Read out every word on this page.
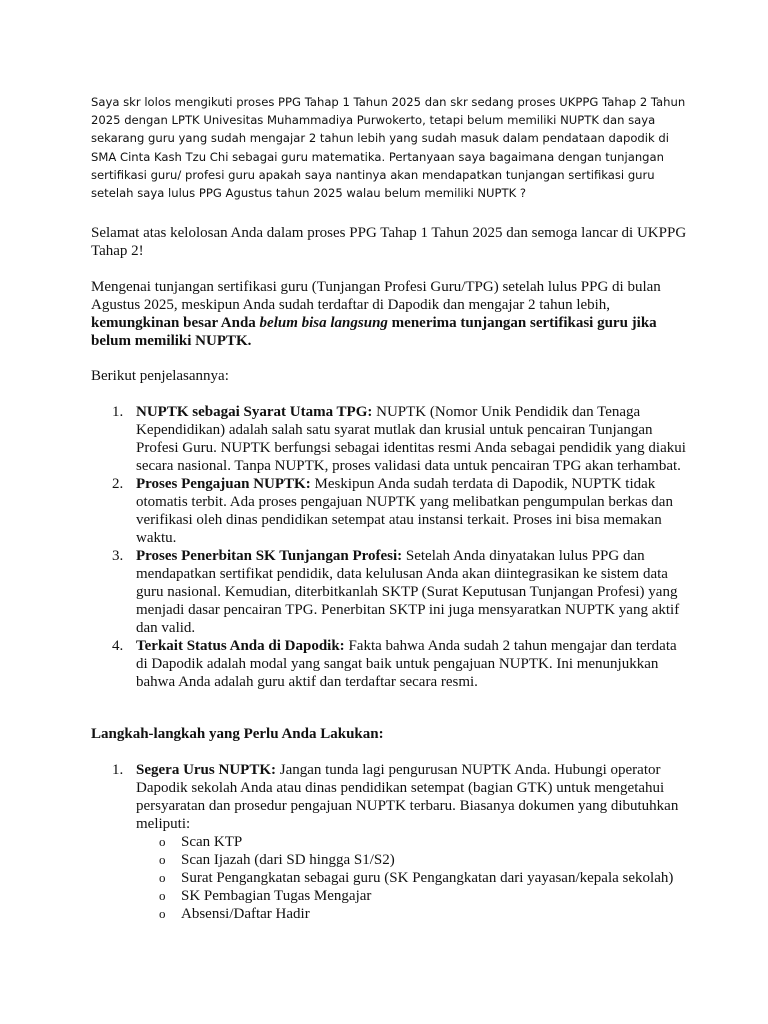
Saya skr lolos mengikuti proses PPG Tahap 1 Tahun 2025 dan skr sedang proses UKPPG Tahap 2 Tahun 2025 dengan LPTK Univesitas Muhammadiya Purwokerto, tetapi belum memiliki NUPTK dan saya sekarang guru yang sudah mengajar 2 tahun lebih yang sudah masuk dalam pendataan dapodik di SMA Cinta Kash Tzu Chi sebagai guru matematika. Pertanyaan saya bagaimana dengan tunjangan sertifikasi guru/ profesi guru apakah saya nantinya akan mendapatkan tunjangan sertifikasi guru setelah saya lulus PPG Agustus tahun 2025 walau belum memiliki NUPTK ?

Selamat atas kelolosan Anda dalam proses PPG Tahap 1 Tahun 2025 dan semoga lancar di UKPPG Tahap 2!

Mengenai tunjangan sertifikasi guru (Tunjangan Profesi Guru/TPG) setelah lulus PPG di bulan Agustus 2025, meskipun Anda sudah terdaftar di Dapodik dan mengajar 2 tahun lebih, kemungkinan besar Anda belum bisa langsung menerima tunjangan sertifikasi guru jika belum memiliki NUPTK.

Berikut penjelasannya:

1. NUPTK sebagai Syarat Utama TPG: NUPTK (Nomor Unik Pendidik dan Tenaga Kependidikan) adalah salah satu syarat mutlak dan krusial untuk pencairan Tunjangan Profesi Guru. NUPTK berfungsi sebagai identitas resmi Anda sebagai pendidik yang diakui secara nasional. Tanpa NUPTK, proses validasi data untuk pencairan TPG akan terhambat.
2. Proses Pengajuan NUPTK: Meskipun Anda sudah terdata di Dapodik, NUPTK tidak otomatis terbit. Ada proses pengajuan NUPTK yang melibatkan pengumpulan berkas dan verifikasi oleh dinas pendidikan setempat atau instansi terkait. Proses ini bisa memakan waktu.
3. Proses Penerbitan SK Tunjangan Profesi: Setelah Anda dinyatakan lulus PPG dan mendapatkan sertifikat pendidik, data kelulusan Anda akan diintegrasikan ke sistem data guru nasional. Kemudian, diterbitkanlah SKTP (Surat Keputusan Tunjangan Profesi) yang menjadi dasar pencairan TPG. Penerbitan SKTP ini juga mensyaratkan NUPTK yang aktif dan valid.
4. Terkait Status Anda di Dapodik: Fakta bahwa Anda sudah 2 tahun mengajar dan terdata di Dapodik adalah modal yang sangat baik untuk pengajuan NUPTK. Ini menunjukkan bahwa Anda adalah guru aktif dan terdaftar secara resmi.

Langkah-langkah yang Perlu Anda Lakukan:

1. Segera Urus NUPTK: Jangan tunda lagi pengurusan NUPTK Anda. Hubungi operator Dapodik sekolah Anda atau dinas pendidikan setempat (bagian GTK) untuk mengetahui persyaratan dan prosedur pengajuan NUPTK terbaru. Biasanya dokumen yang dibutuhkan meliputi:
o Scan KTP
o Scan Ijazah (dari SD hingga S1/S2)
o Surat Pengangkatan sebagai guru (SK Pengangkatan dari yayasan/kepala sekolah)
o SK Pembagian Tugas Mengajar
o Absensi/Daftar Hadir
